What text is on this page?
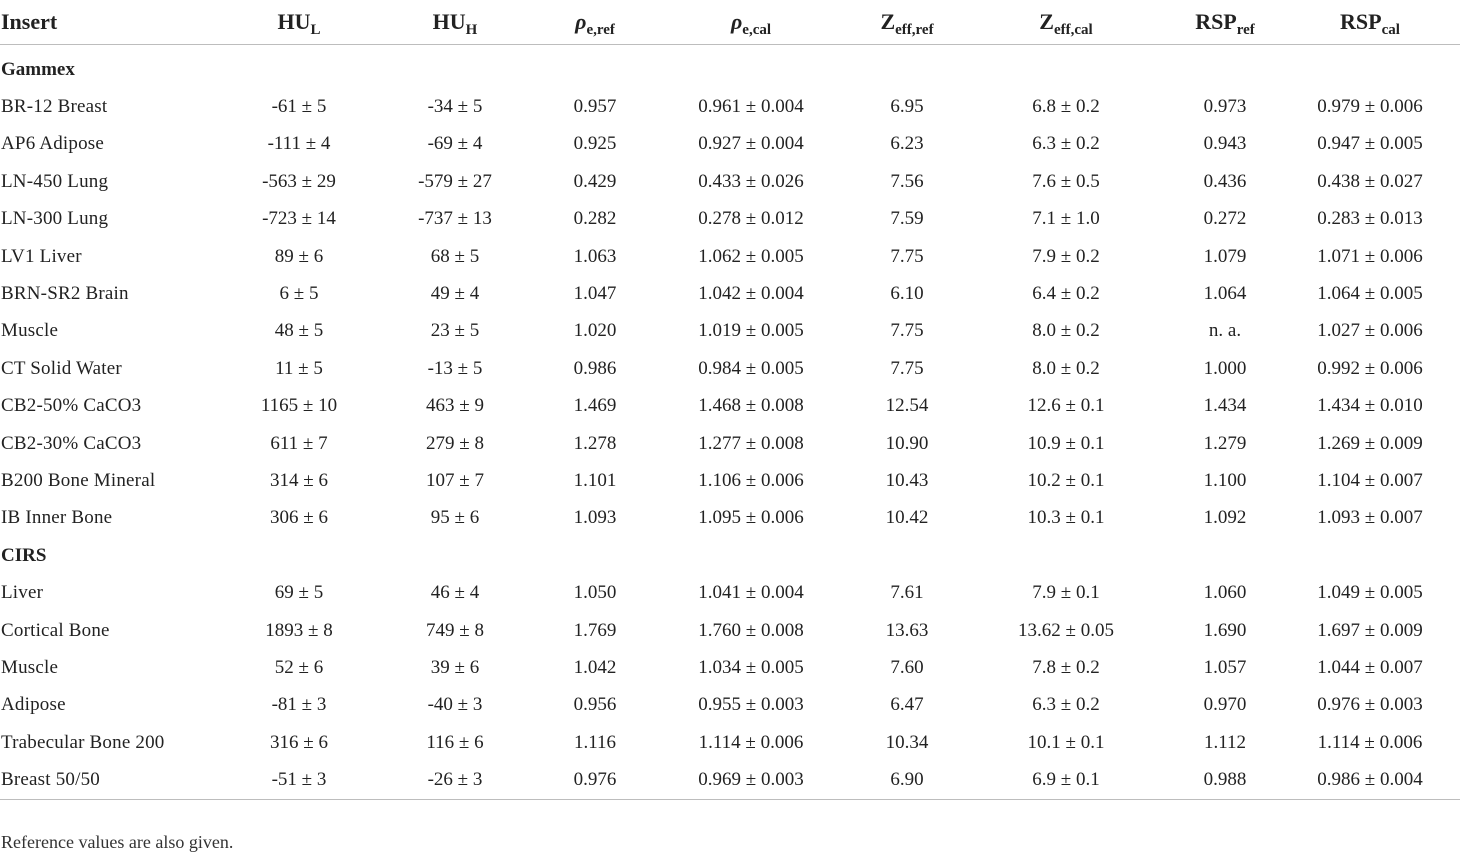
Insert	$HU_L$	$HU_H$	$\rho_{e,ref}$	$\rho_{e,cal}$	$Z_{eff,ref}$	$Z_{eff,cal}$	$RSP_{ref}$	$RSP_{cal}$
Gammex								
BR-12 Breast	-61 ± 5	-34 ± 5	0.957	0.961 ± 0.004	6.95	6.8 ± 0.2	0.973	0.979 ± 0.006
AP6 Adipose	-111 ± 4	-69 ± 4	0.925	0.927 ± 0.004	6.23	6.3 ± 0.2	0.943	0.947 ± 0.005
LN-450 Lung	-563 ± 29	-579 ± 27	0.429	0.433 ± 0.026	7.56	7.6 ± 0.5	0.436	0.438 ± 0.027
LN-300 Lung	-723 ± 14	-737 ± 13	0.282	0.278 ± 0.012	7.59	7.1 ± 1.0	0.272	0.283 ± 0.013
LV1 Liver	89 ± 6	68 ± 5	1.063	1.062 ± 0.005	7.75	7.9 ± 0.2	1.079	1.071 ± 0.006
BRN-SR2 Brain	6 ± 5	49 ± 4	1.047	1.042 ± 0.004	6.10	6.4 ± 0.2	1.064	1.064 ± 0.005
Muscle	48 ± 5	23 ± 5	1.020	1.019 ± 0.005	7.75	8.0 ± 0.2	n. a.	1.027 ± 0.006
CT Solid Water	11 ± 5	-13 ± 5	0.986	0.984 ± 0.005	7.75	8.0 ± 0.2	1.000	0.992 ± 0.006
CB2-50% CaCO3	1165 ± 10	463 ± 9	1.469	1.468 ± 0.008	12.54	12.6 ± 0.1	1.434	1.434 ± 0.010
CB2-30% CaCO3	611 ± 7	279 ± 8	1.278	1.277 ± 0.008	10.90	10.9 ± 0.1	1.279	1.269 ± 0.009
B200 Bone Mineral	314 ± 6	107 ± 7	1.101	1.106 ± 0.006	10.43	10.2 ± 0.1	1.100	1.104 ± 0.007
IB Inner Bone	306 ± 6	95 ± 6	1.093	1.095 ± 0.006	10.42	10.3 ± 0.1	1.092	1.093 ± 0.007
CIRS								
Liver	69 ± 5	46 ± 4	1.050	1.041 ± 0.004	7.61	7.9 ± 0.1	1.060	1.049 ± 0.005
Cortical Bone	1893 ± 8	749 ± 8	1.769	1.760 ± 0.008	13.63	13.62 ± 0.05	1.690	1.697 ± 0.009
Muscle	52 ± 6	39 ± 6	1.042	1.034 ± 0.005	7.60	7.8 ± 0.2	1.057	1.044 ± 0.007
Adipose	-81 ± 3	-40 ± 3	0.956	0.955 ± 0.003	6.47	6.3 ± 0.2	0.970	0.976 ± 0.003
Trabecular Bone 200	316 ± 6	116 ± 6	1.116	1.114 ± 0.006	10.34	10.1 ± 0.1	1.112	1.114 ± 0.006
Breast 50/50	-51 ± 3	-26 ± 3	0.976	0.969 ± 0.003	6.90	6.9 ± 0.1	0.988	0.986 ± 0.004
Reference values are also given.
